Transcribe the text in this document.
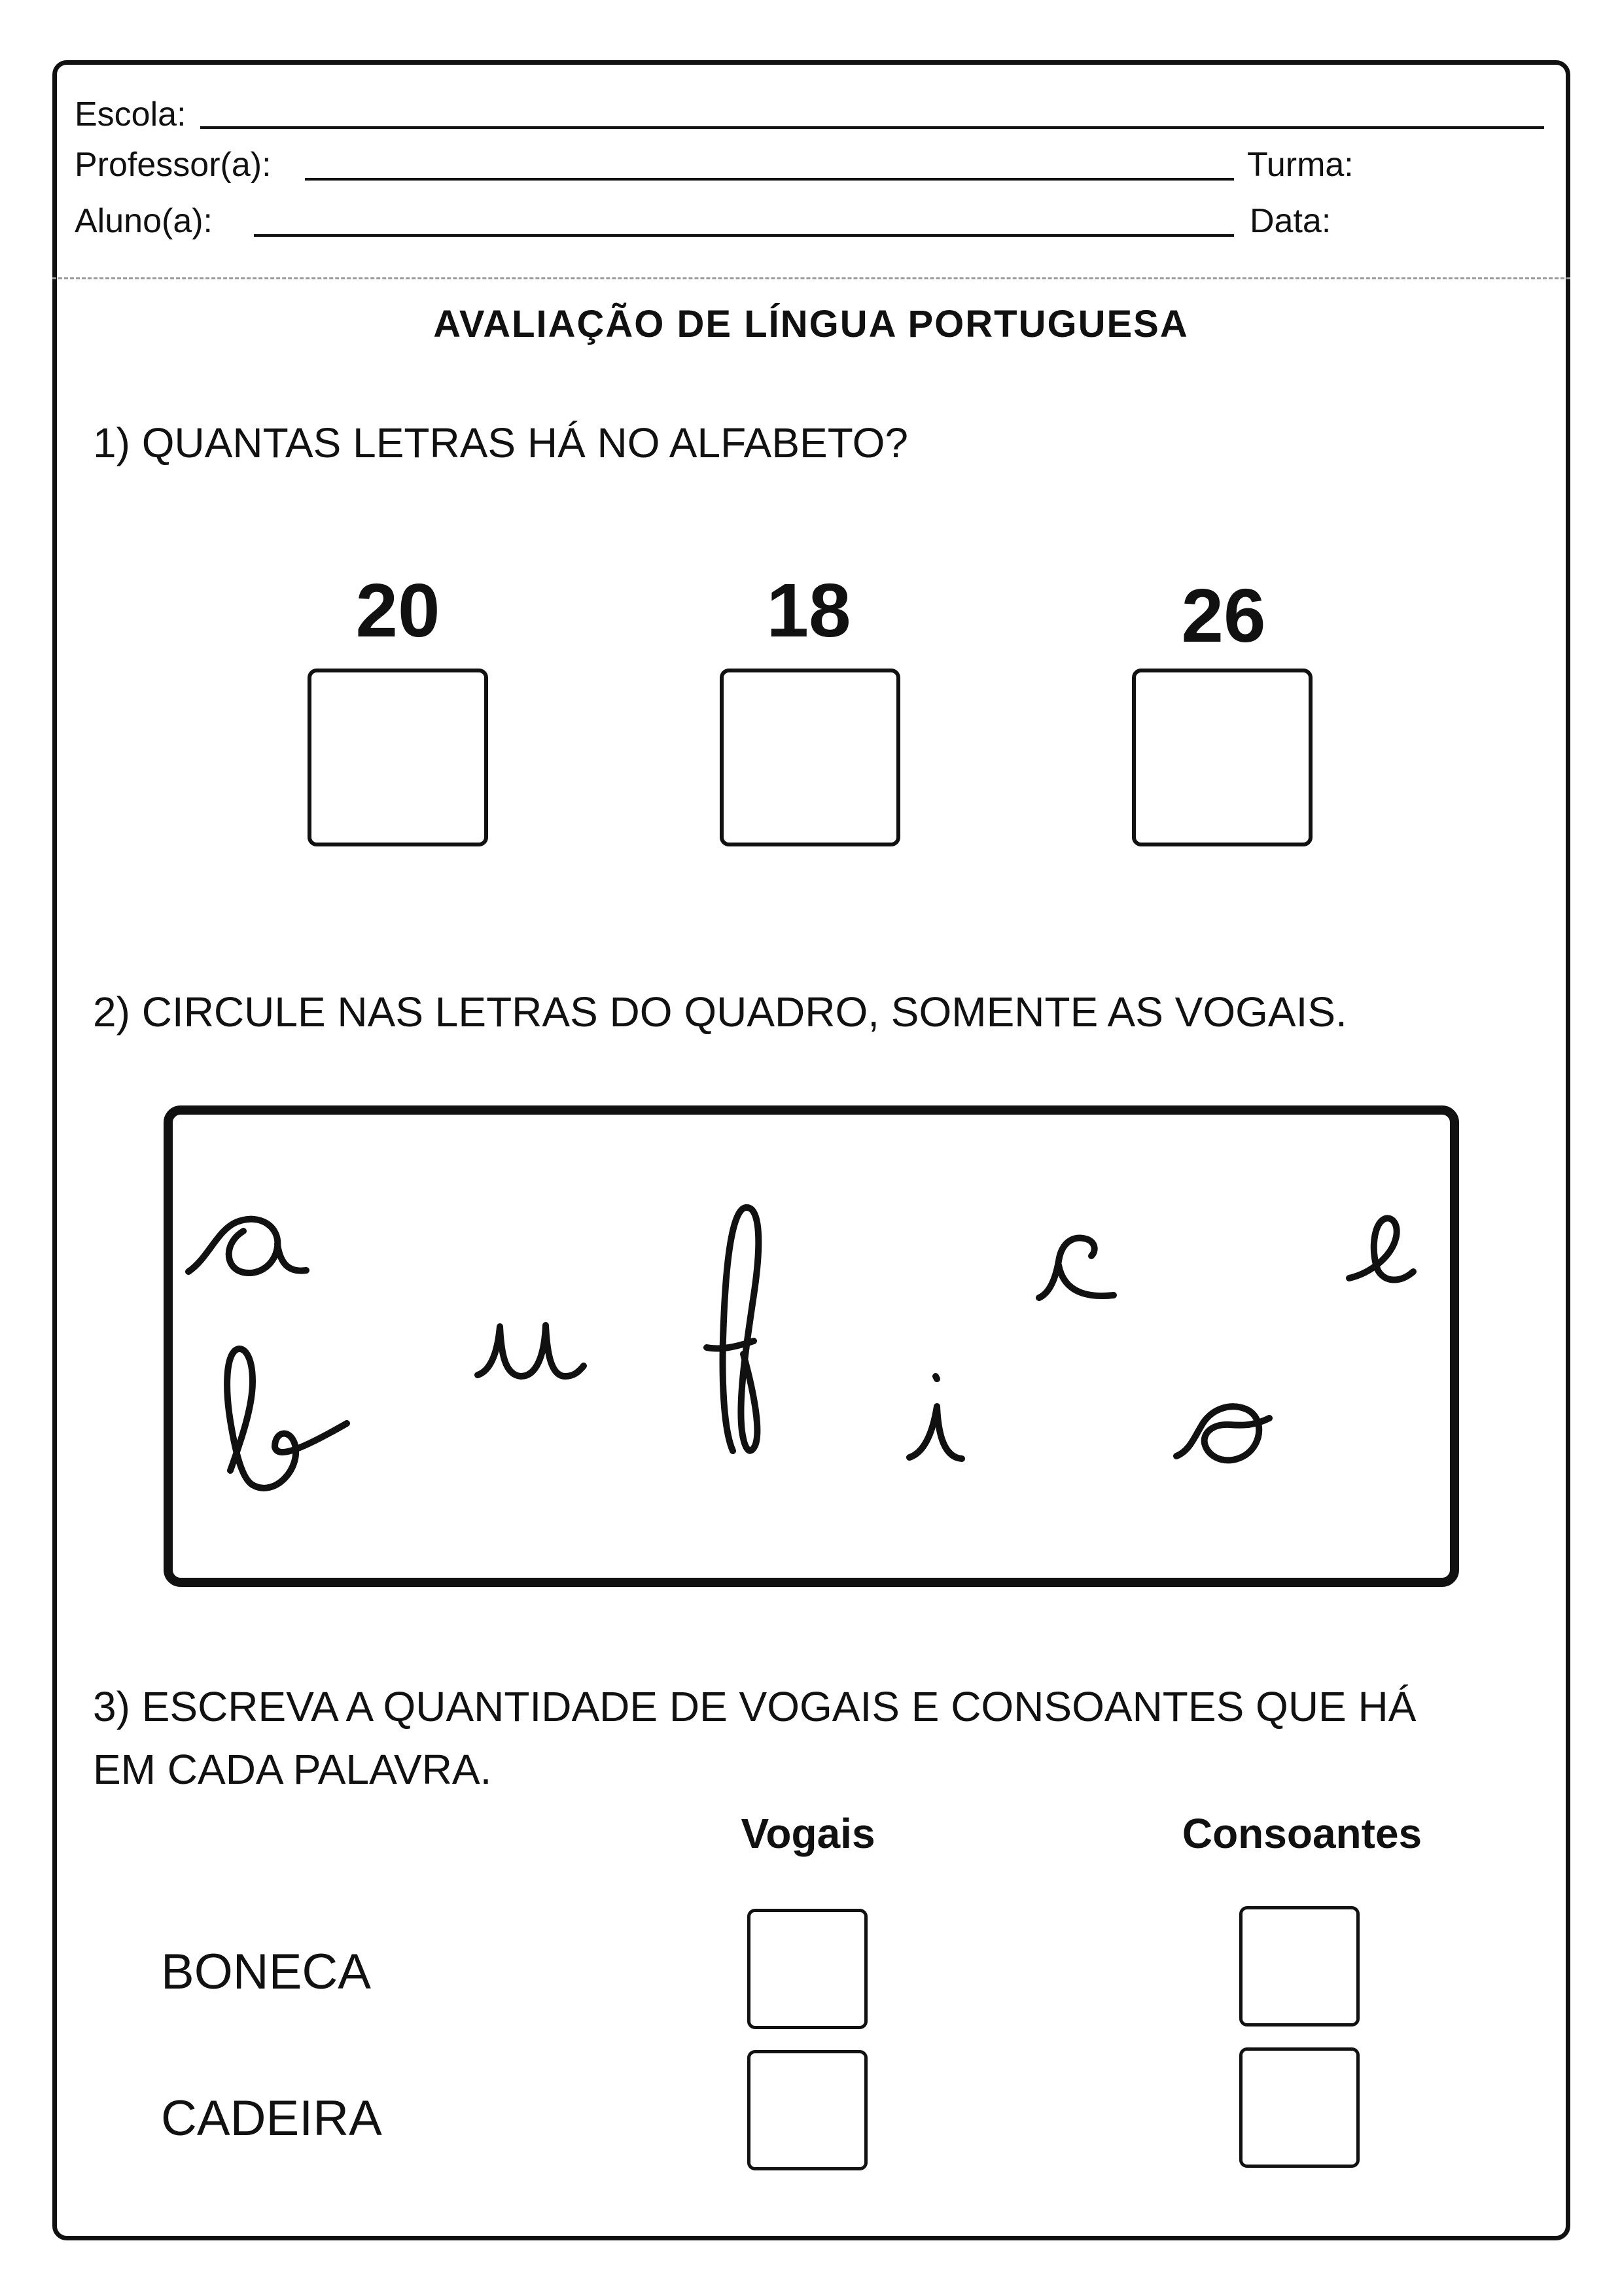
Escola:
Professor(a):	Turma:
Aluno(a):	Data:
AVALIAÇÃO DE LÍNGUA PORTUGUESA
1) QUANTAS LETRAS HÁ NO ALFABETO?
20	18	26
2) CIRCULE NAS LETRAS DO QUADRO, SOMENTE AS VOGAIS.
3) ESCREVA A QUANTIDADE DE VOGAIS E CONSOANTES QUE HÁ
EM CADA PALAVRA.
Vogais	Consoantes
BONECA
CADEIRA
